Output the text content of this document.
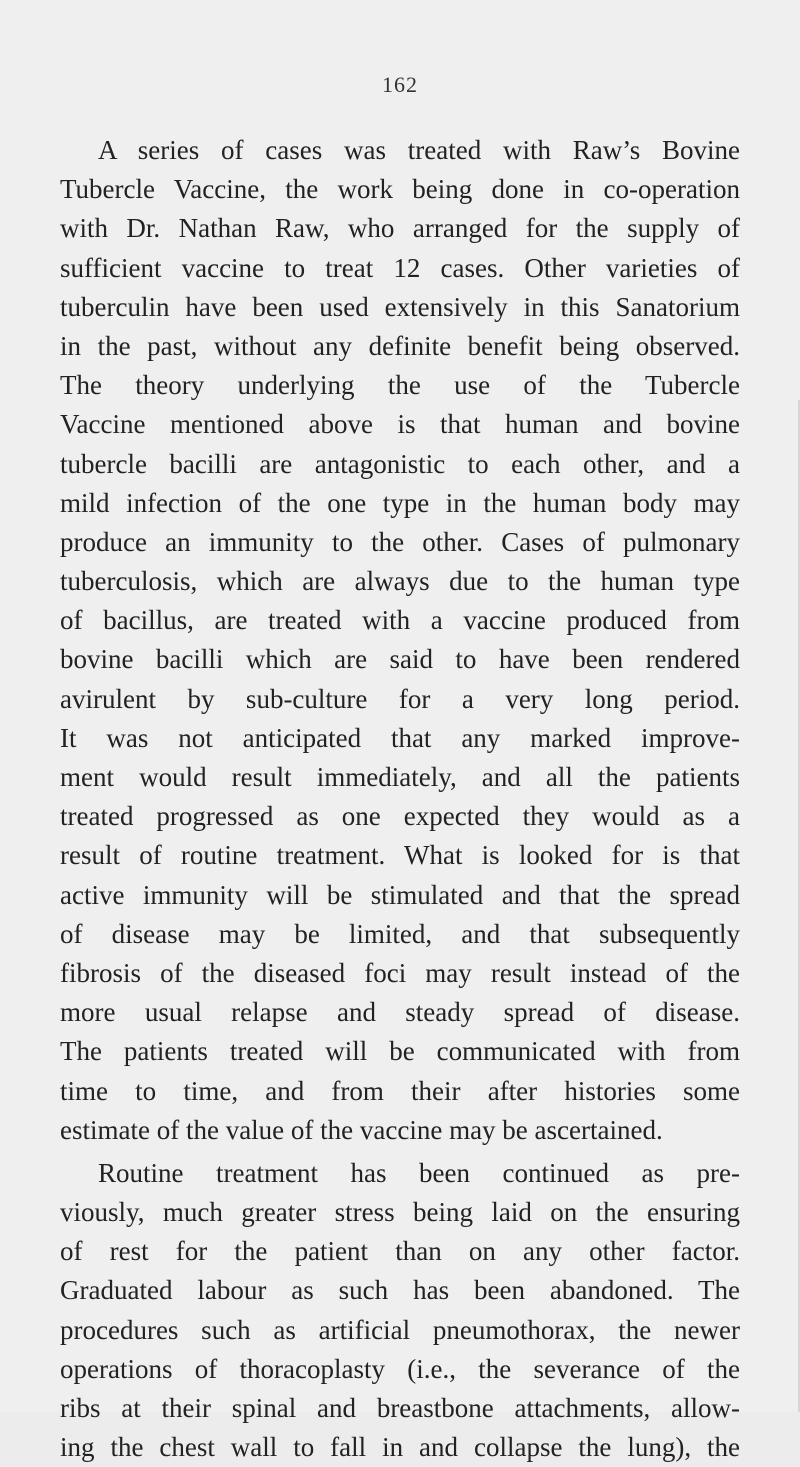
162
A series of cases was treated with Raw’s Bovine
Tubercle Vaccine, the work being done in co-operation
with Dr. Nathan Raw, who arranged for the supply of
sufficient vaccine to treat 12 cases. Other varieties of
tuberculin have been used extensively in this Sanatorium
in the past, without any definite benefit being observed.
The theory underlying the use of the Tubercle
Vaccine mentioned above is that human and bovine
tubercle bacilli are antagonistic to each other, and a
mild infection of the one type in the human body may
produce an immunity to the other. Cases of pulmonary
tuberculosis, which are always due to the human type
of bacillus, are treated with a vaccine produced from
bovine bacilli which are said to have been rendered
avirulent by sub-culture for a very long period.
It was not anticipated that any marked improve-
ment would result immediately, and all the patients
treated progressed as one expected they would as a
result of routine treatment. What is looked for is that
active immunity will be stimulated and that the spread
of disease may be limited, and that subsequently
fibrosis of the diseased foci may result instead of the
more usual relapse and steady spread of disease.
The patients treated will be communicated with from
time to time, and from their after histories some
estimate of the value of the vaccine may be ascertained.
Routine treatment has been continued as pre-
viously, much greater stress being laid on the ensuring
of rest for the patient than on any other factor.
Graduated labour as such has been abandoned. The
procedures such as artificial pneumothorax, the newer
operations of thoracoplasty (i.e., the severance of the
ribs at their spinal and breastbone attachments, allow-
ing the chest wall to fall in and collapse the lung), the
